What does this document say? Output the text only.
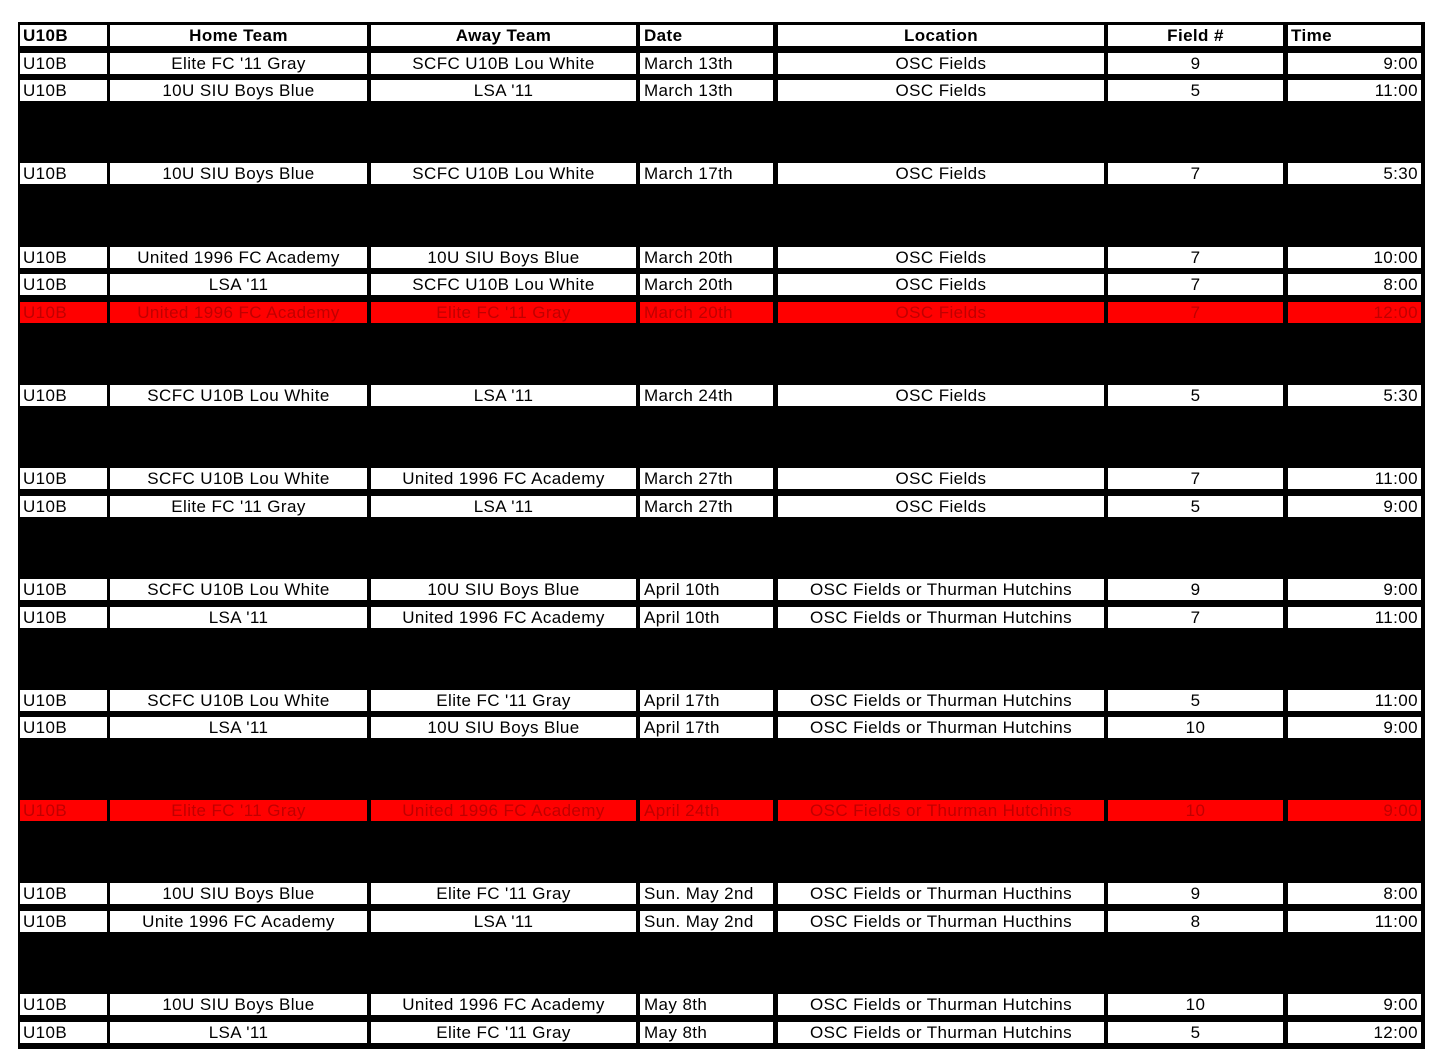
U10B	Home Team	Away Team	Date	Location	Field #	Time
U10B	Elite FC '11 Gray	SCFC U10B Lou White	March 13th	OSC Fields	9	9:00
U10B	10U SIU Boys Blue	LSA '11	March 13th	OSC Fields	5	11:00
U10B	10U SIU Boys Blue	SCFC U10B Lou White	March 17th	OSC Fields	7	5:30
U10B	United 1996 FC Academy	10U SIU Boys Blue	March 20th	OSC Fields	7	10:00
U10B	LSA '11	SCFC U10B Lou White	March 20th	OSC Fields	7	8:00
U10B	United 1996 FC Academy	Elite FC '11 Gray	March 20th	OSC Fields	7	12:00
U10B	SCFC U10B Lou White	LSA '11	March 24th	OSC Fields	5	5:30
U10B	SCFC U10B Lou White	United 1996 FC Academy	March 27th	OSC Fields	7	11:00
U10B	Elite FC '11 Gray	LSA '11	March 27th	OSC Fields	5	9:00
U10B	SCFC U10B Lou White	10U SIU Boys Blue	April 10th	OSC Fields or Thurman Hutchins	9	9:00
U10B	LSA '11	United 1996 FC Academy	April 10th	OSC Fields or Thurman Hutchins	7	11:00
U10B	SCFC U10B Lou White	Elite FC '11 Gray	April 17th	OSC Fields or Thurman Hutchins	5	11:00
U10B	LSA '11	10U SIU Boys Blue	April 17th	OSC Fields or Thurman Hutchins	10	9:00
U10B	Elite FC '11 Gray	United 1996 FC Academy	April 24th	OSC Fields or Thurman Hutchins	10	9:00
U10B	10U SIU Boys Blue	Elite FC '11 Gray	Sun. May 2nd	OSC Fields or Thurman Hucthins	9	8:00
U10B	Unite 1996 FC Academy	LSA '11	Sun. May 2nd	OSC Fields or Thurman Hucthins	8	11:00
U10B	10U SIU Boys Blue	United 1996 FC Academy	May 8th	OSC Fields or Thurman Hutchins	10	9:00
U10B	LSA '11	Elite FC '11 Gray	May 8th	OSC Fields or Thurman Hutchins	5	12:00
